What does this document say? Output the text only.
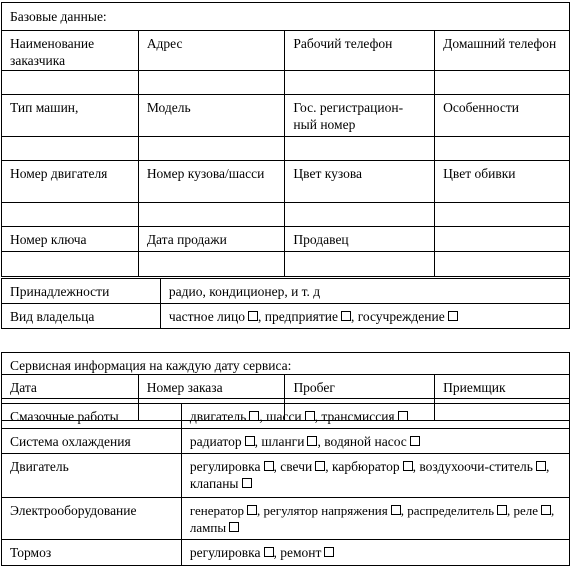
Базовые данные:			
Наименование заказчика	Адрес	Рабочий телефон	Домашний телефон

Тип машин,	Модель	Гос. регистрацион-ный номер	Особенности

Номер двигателя	Номер кузова/шасси	Цвет кузова	Цвет обивки

Номер ключа	Дата продажи	Продавец	

Принадлежности	радио, кондиционер, и т. д
Вид владельца	частное лицо , предприятие , госучреждение
Сервисная информация на каждую дату сервиса:			
Дата	Номер заказа	Пробег	Приемщик

Смазочные работы	двигатель , шасси , трансмиссия
Система охлаждения	радиатор , шланги , водяной насос
Двигатель	регулировка , свечи , карбюратор , воздухоочи-ститель , клапаны
Электрооборудование	генератор , регулятор напряжения , распределитель , реле , лампы
Тормоз	регулировка , ремонт
